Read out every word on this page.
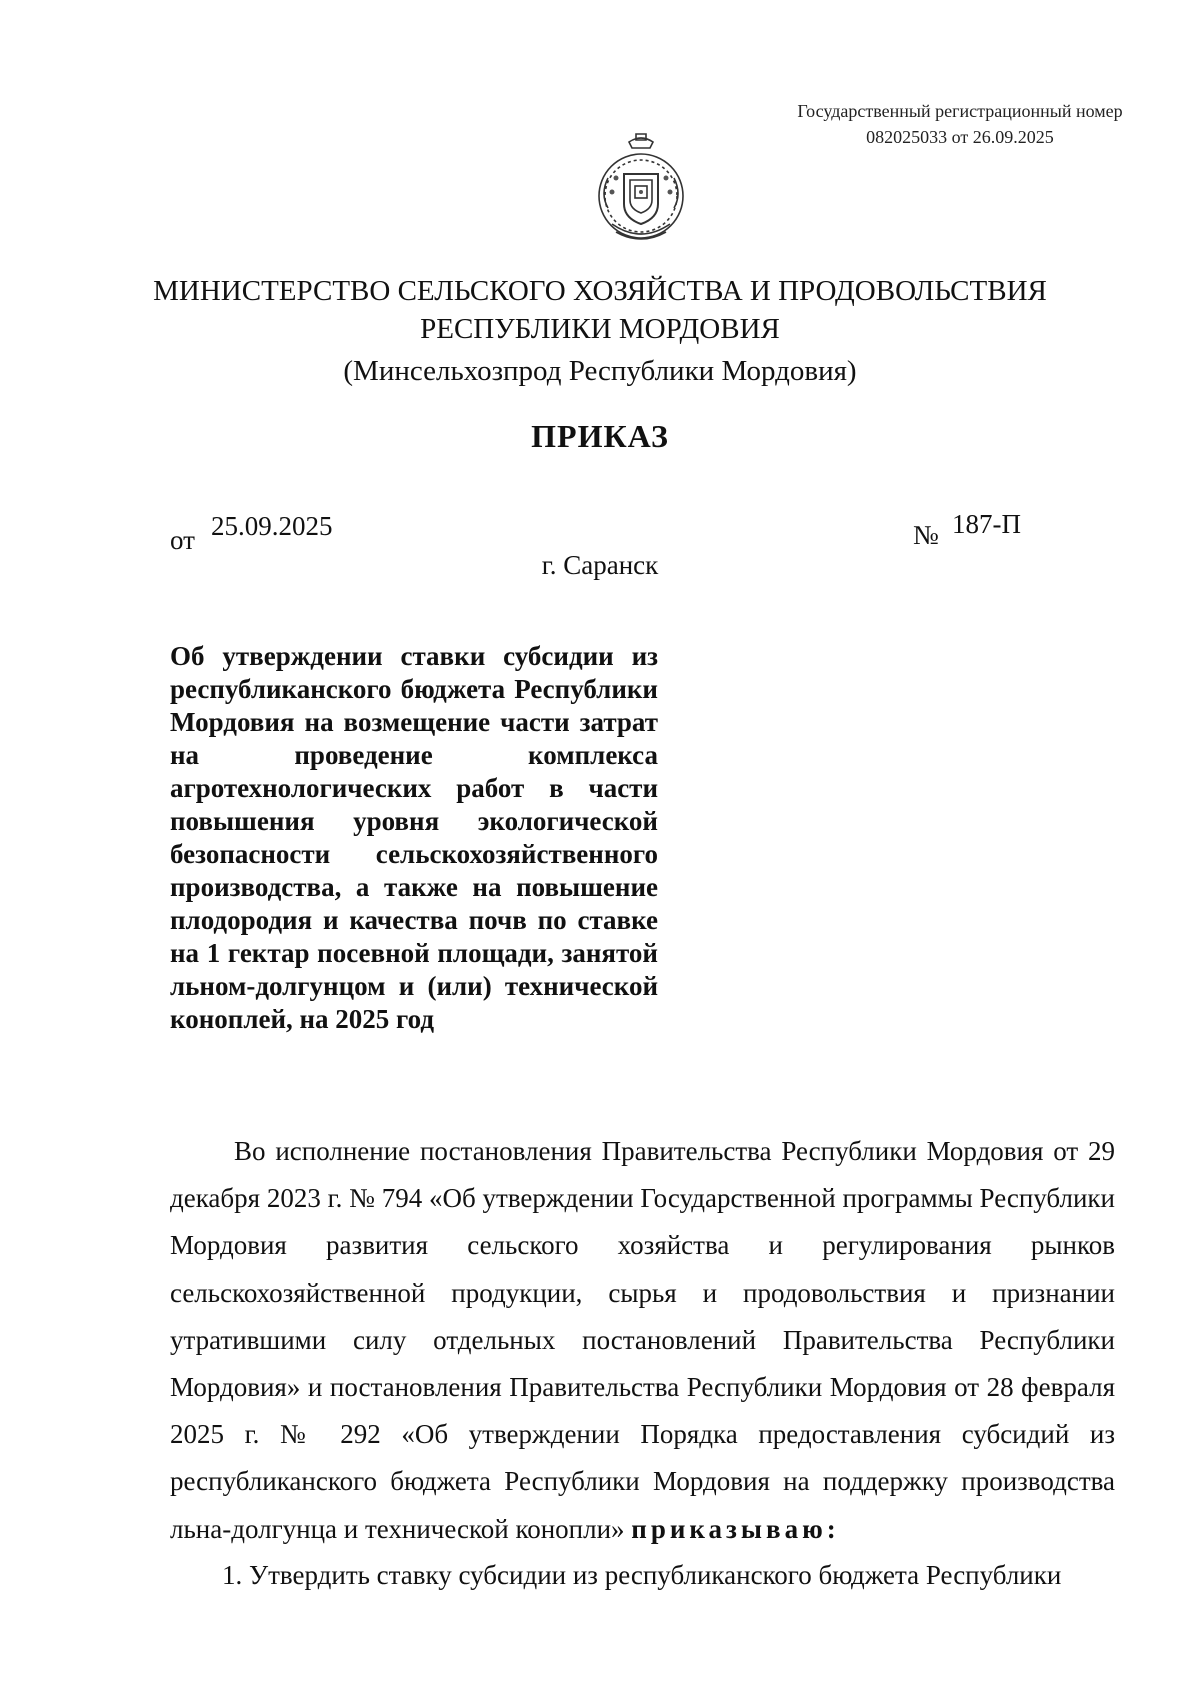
Государственный регистрационный номер
082025033 от 26.09.2025
МИНИСТЕРСТВО СЕЛЬСКОГО ХОЗЯЙСТВА И ПРОДОВОЛЬСТВИЯ
РЕСПУБЛИКИ МОРДОВИЯ
(Минсельхозпрод Республики Мордовия)
ПРИКАЗ
от 25.09.2025	№ 187-П
г. Саранск
Об утверждении ставки субсидии из республиканского бюджета Республики Мордовия на возмещение части затрат на проведение комплекса агротехнологических работ в части повышения уровня экологической безопасности сельскохозяйственного производства, а также на повышение плодородия и качества почв по ставке на 1 гектар посевной площади, занятой льном-долгунцом и (или) технической коноплей, на 2025 год

Во исполнение постановления Правительства Республики Мордовия от 29 декабря 2023 г. № 794 «Об утверждении Государственной программы Республики Мордовия развития сельского хозяйства и регулирования рынков сельскохозяйственной продукции, сырья и продовольствия и признании утратившими силу отдельных постановлений Правительства Республики Мордовия» и постановления Правительства Республики Мордовия от 28 февраля 2025 г. № 292 «Об утверждении Порядка предоставления субсидий из республиканского бюджета Республики Мордовия на поддержку производства льна-долгунца и технической конопли» приказываю:

1. Утвердить ставку субсидии из республиканского бюджета Республики
